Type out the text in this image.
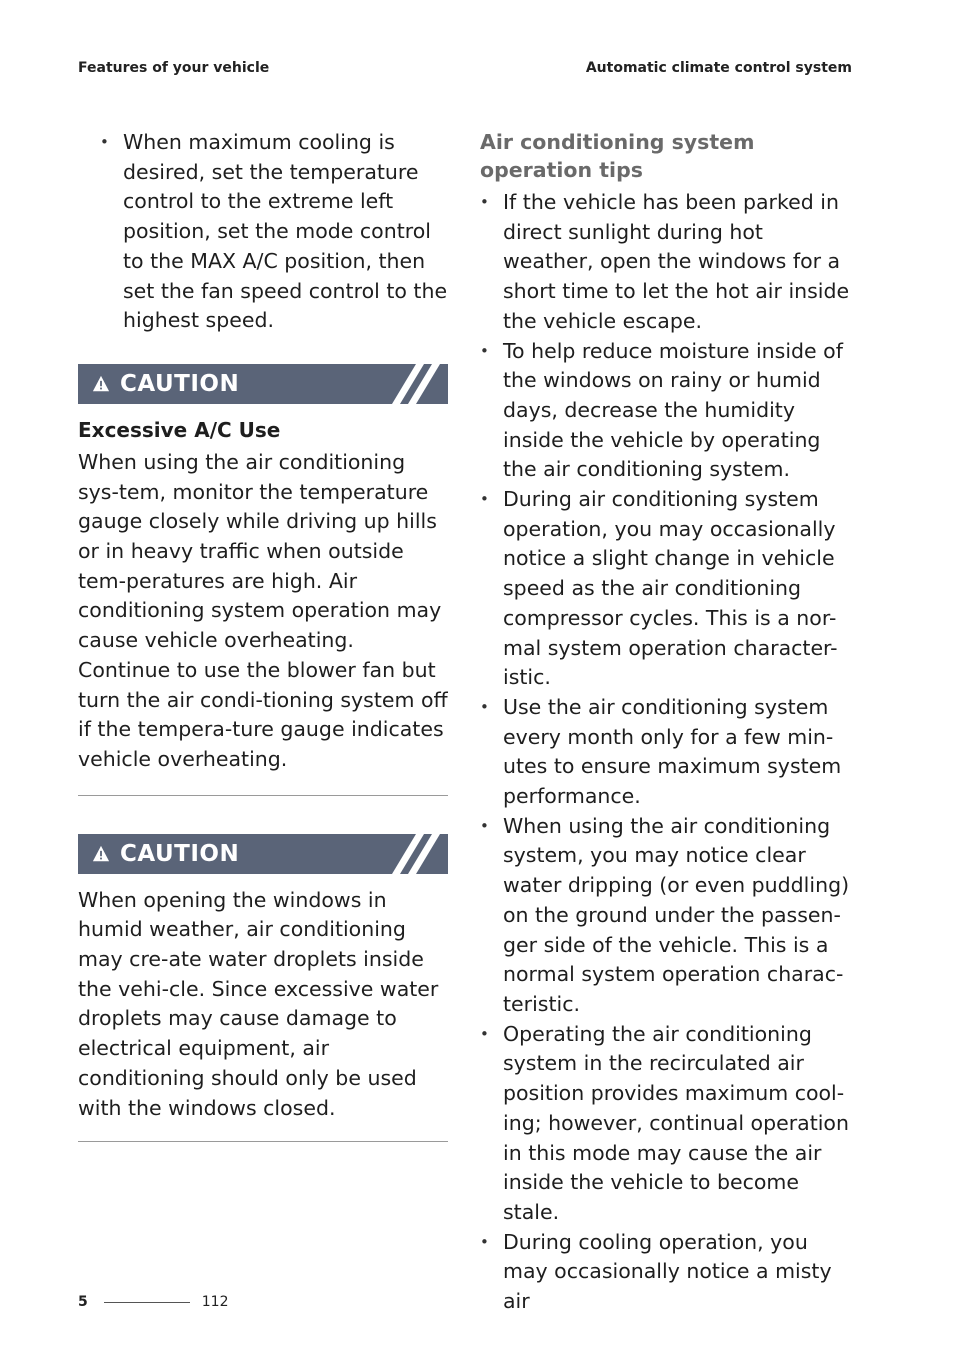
Features of your vehicle	Automatic climate control system
• When maximum cooling is desired, set the temperature control to the extreme left position, set the mode control to the MAX A/C position, then set the fan speed control to the highest speed.
CAUTION
Excessive A/C Use

When using the air conditioning sys-tem, monitor the temperature gauge closely while driving up hills or in heavy traffic when outside tem-peratures are high. Air conditioning system operation may cause vehicle overheating. Continue to use the blower fan but turn the air condi-tioning system off if the tempera-ture gauge indicates vehicle overheating.

CAUTION

When opening the windows in humid weather, air conditioning may cre-ate water droplets inside the vehi-cle. Since excessive water droplets may cause damage to electrical equipment, air conditioning should only be used with the windows closed.

Air conditioning system operation tips
• If the vehicle has been parked in direct sunlight during hot weather, open the windows for a short time to let the hot air inside the vehicle escape.
• To help reduce moisture inside of the windows on rainy or humid days, decrease the humidity inside the vehicle by operating the air conditioning system.
• During air conditioning system operation, you may occasionally notice a slight change in vehicle speed as the air conditioning compressor cycles. This is a nor-mal system operation character-istic.
• Use the air conditioning system every month only for a few min-utes to ensure maximum system performance.
• When using the air conditioning system, you may notice clear water dripping (or even puddling) on the ground under the passen-ger side of the vehicle. This is a normal system operation charac-teristic.
• Operating the air conditioning system in the recirculated air position provides maximum cool-ing; however, continual operation in this mode may cause the air inside the vehicle to become stale.
• During cooling operation, you may occasionally notice a misty air
5	112
